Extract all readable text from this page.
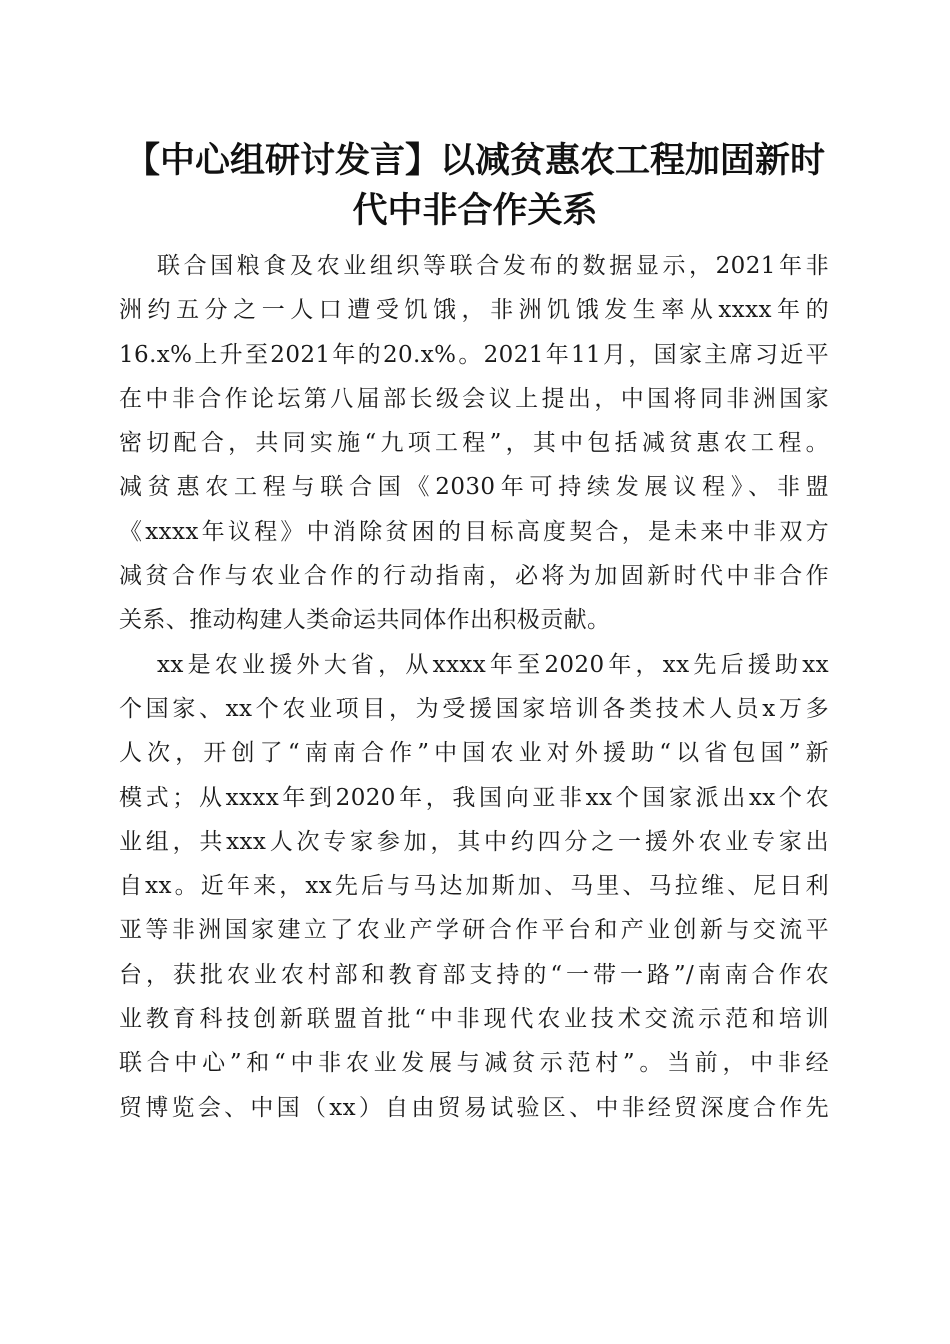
【中心组研讨发言】以减贫惠农工程加固新时
代中非合作关系
联合国粮食及农业组织等联合发布的数据显示，2021年非
洲约五分之一人口遭受饥饿，非洲饥饿发生率从xxxx年的
16.x%上升至2021年的20.x%。2021年11月，国家主席习近平
在中非合作论坛第八届部长级会议上提出，中国将同非洲国家
密切配合，共同实施“九项工程”，其中包括减贫惠农工程。
减贫惠农工程与联合国《2030年可持续发展议程》、非盟
《xxxx年议程》中消除贫困的目标高度契合，是未来中非双方
减贫合作与农业合作的行动指南，必将为加固新时代中非合作
关系、推动构建人类命运共同体作出积极贡献。
xx是农业援外大省，从xxxx年至2020年，xx先后援助xx
个国家、xx个农业项目，为受援国家培训各类技术人员x万多
人次，开创了“南南合作”中国农业对外援助“以省包国”新
模式；从xxxx年到2020年，我国向亚非xx个国家派出xx个农
业组，共xxx人次专家参加，其中约四分之一援外农业专家出
自xx。近年来，xx先后与马达加斯加、马里、马拉维、尼日利
亚等非洲国家建立了农业产学研合作平台和产业创新与交流平
台，获批农业农村部和教育部支持的“一带一路”/南南合作农
业教育科技创新联盟首批“中非现代农业技术交流示范和培训
联合中心”和“中非农业发展与减贫示范村”。当前，中非经
贸博览会、中国（xx）自由贸易试验区、中非经贸深度合作先
